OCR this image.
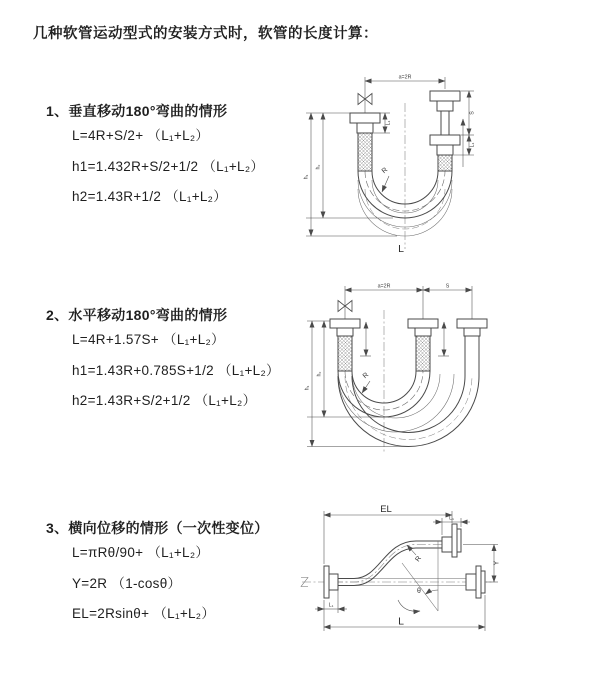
几种软管运动型式的安装方式时，软管的长度计算：
1、垂直移动180°弯曲的情形
L=4R+S/2+ （L₁+L₂）
h1=1.432R+S/2+1/2 （L₁+L₂）
h2=1.43R+1/2 （L₁+L₂）
a=2R
L₁
S
L₁
h₁
h₂	R
L
2、水平移动180°弯曲的情形
L=4R+1.57S+ （L₁+L₂）
h1=1.43R+0.785S+1/2 （L₁+L₂）
h2=1.43R+S/2+1/2 （L₁+L₂）
a=2R	S
h₁
h₂	R
3、横向位移的情形（一次性变位）
L=πRθ/90+ （L₁+L₂）
Y=2R （1-cosθ）
EL=2Rsinθ+ （L₁+L₂）
θ
EL
L₁
Y
L
L₁
R
